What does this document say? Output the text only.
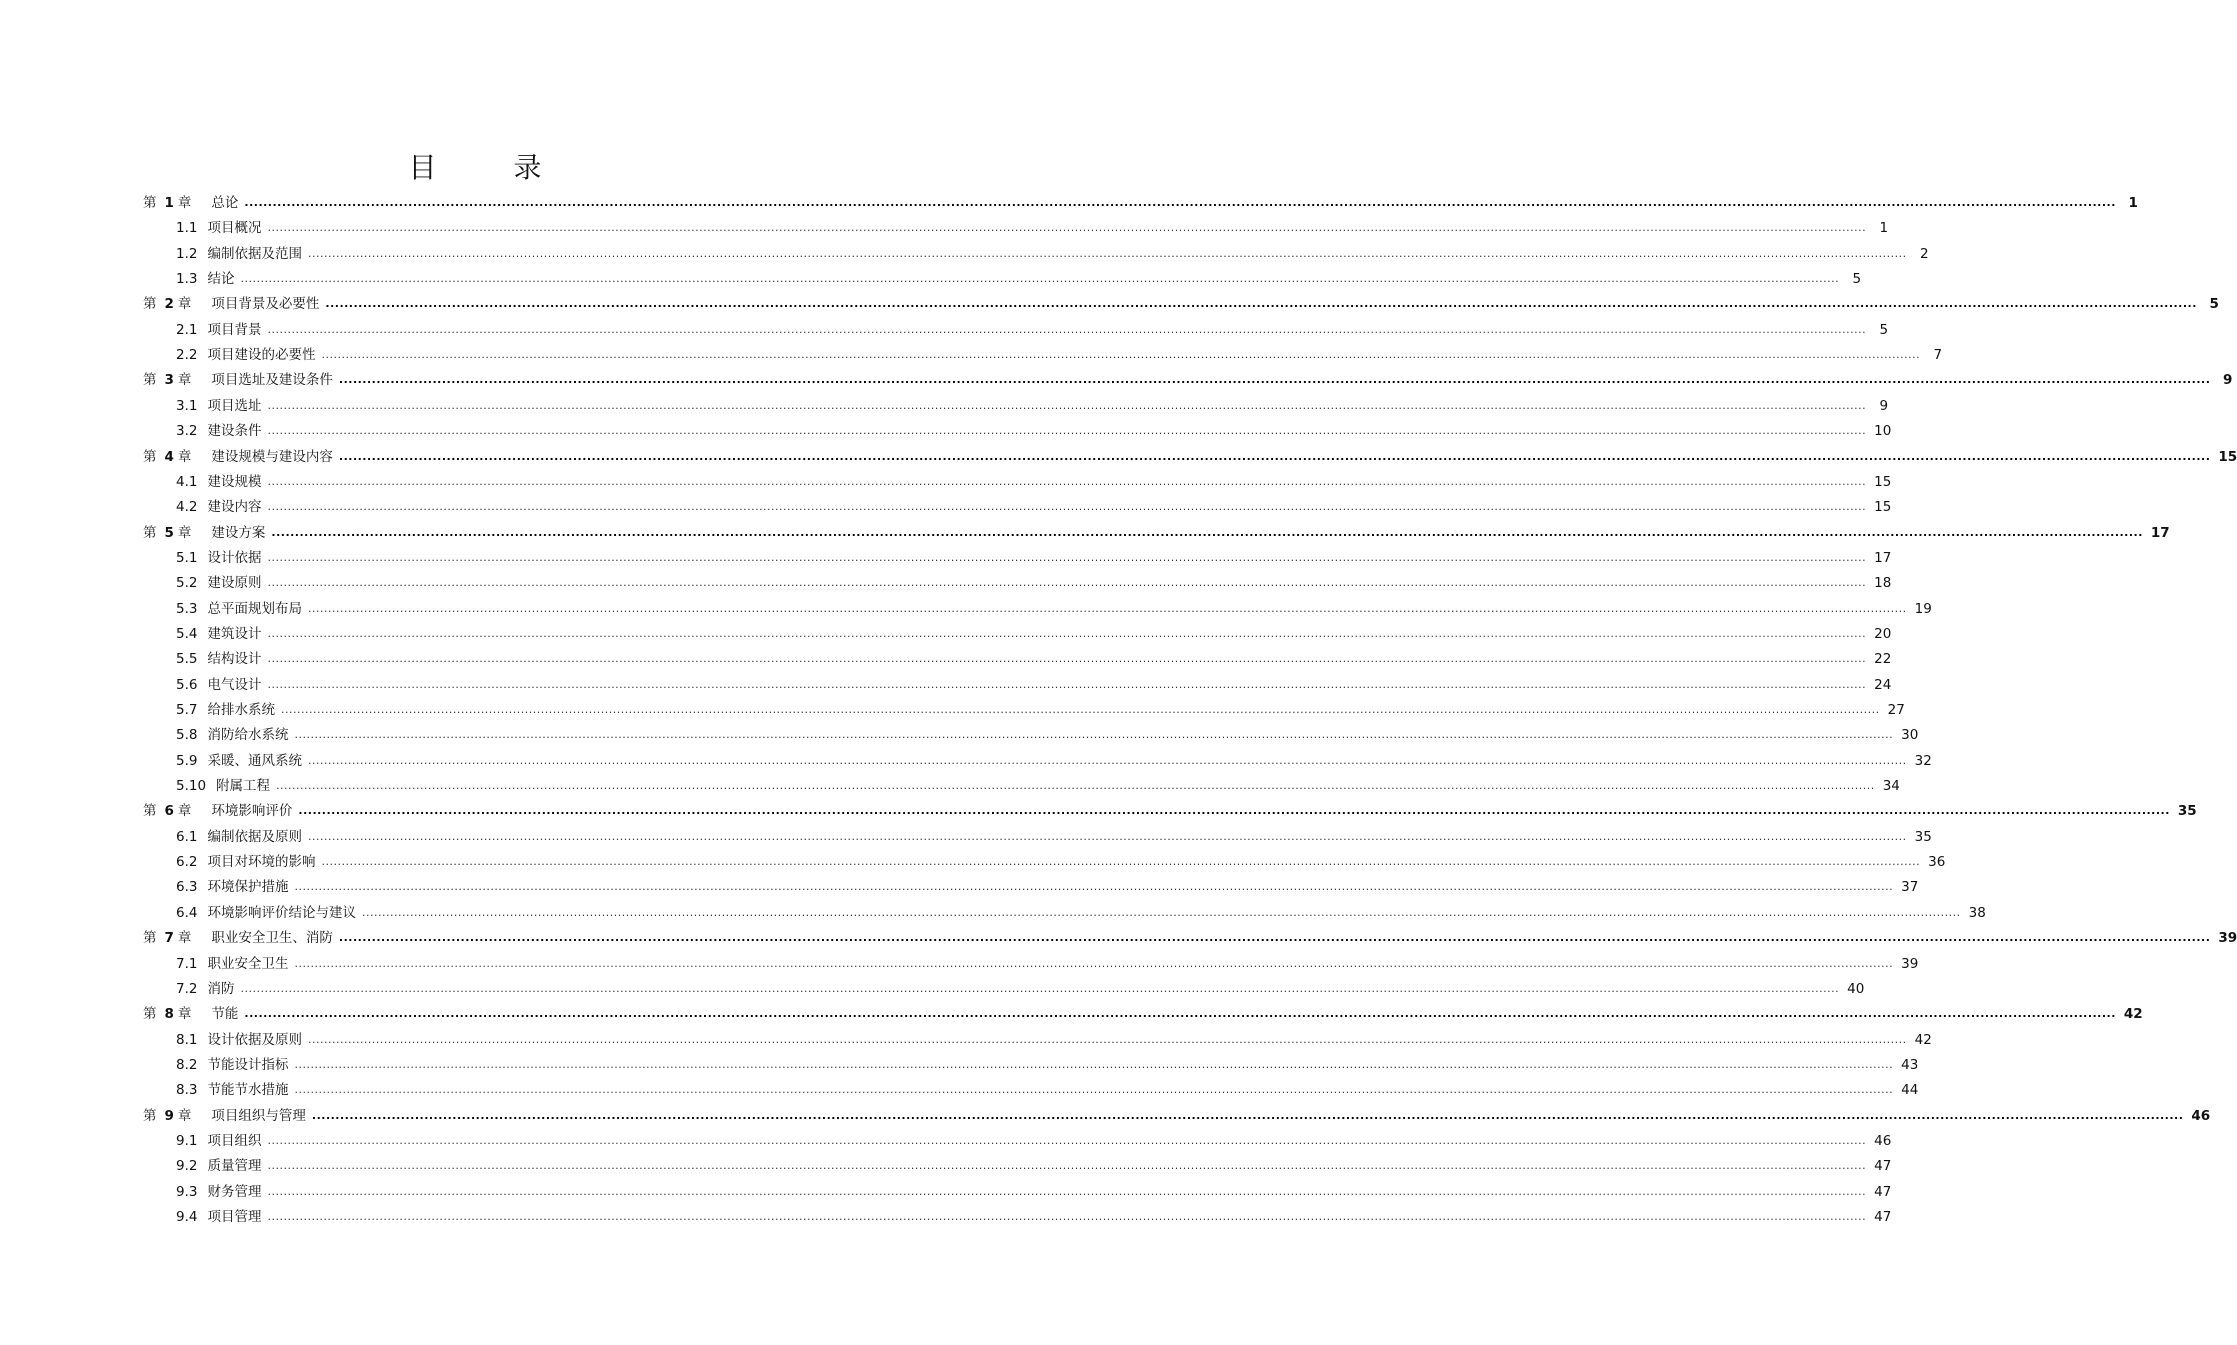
目 录
第 1 章 总论 ................................................................................................................................................................................................................................................................................................................................................................................................................ 1
1.1 项目概况 ................................................................................................................................................................................................................................................................................................................................................................................................................ 1
1.2 编制依据及范围 ................................................................................................................................................................................................................................................................................................................................................................................................................ 2
1.3 结论 ................................................................................................................................................................................................................................................................................................................................................................................................................ 5
第 2 章 项目背景及必要性 ................................................................................................................................................................................................................................................................................................................................................................................................................ 5
2.1 项目背景 ................................................................................................................................................................................................................................................................................................................................................................................................................ 5
2.2 项目建设的必要性 ................................................................................................................................................................................................................................................................................................................................................................................................................ 7
第 3 章 项目选址及建设条件 ................................................................................................................................................................................................................................................................................................................................................................................................................ 9
3.1 项目选址 ................................................................................................................................................................................................................................................................................................................................................................................................................ 9
3.2 建设条件 ................................................................................................................................................................................................................................................................................................................................................................................................................ 10
第 4 章 建设规模与建设内容 ................................................................................................................................................................................................................................................................................................................................................................................................................ 15
4.1 建设规模 ................................................................................................................................................................................................................................................................................................................................................................................................................ 15
4.2 建设内容 ................................................................................................................................................................................................................................................................................................................................................................................................................ 15
第 5 章 建设方案 ................................................................................................................................................................................................................................................................................................................................................................................................................ 17
5.1 设计依据 ................................................................................................................................................................................................................................................................................................................................................................................................................ 17
5.2 建设原则 ................................................................................................................................................................................................................................................................................................................................................................................................................ 18
5.3 总平面规划布局 ................................................................................................................................................................................................................................................................................................................................................................................................................ 19
5.4 建筑设计 ................................................................................................................................................................................................................................................................................................................................................................................................................ 20
5.5 结构设计 ................................................................................................................................................................................................................................................................................................................................................................................................................ 22
5.6 电气设计 ................................................................................................................................................................................................................................................................................................................................................................................................................ 24
5.7 给排水系统 ................................................................................................................................................................................................................................................................................................................................................................................................................ 27
5.8 消防给水系统 ................................................................................................................................................................................................................................................................................................................................................................................................................ 30
5.9 采暖、通风系统 ................................................................................................................................................................................................................................................................................................................................................................................................................ 32
5.10 附属工程 ................................................................................................................................................................................................................................................................................................................................................................................................................ 34
第 6 章 环境影响评价 ................................................................................................................................................................................................................................................................................................................................................................................................................ 35
6.1 编制依据及原则 ................................................................................................................................................................................................................................................................................................................................................................................................................ 35
6.2 项目对环境的影响 ................................................................................................................................................................................................................................................................................................................................................................................................................ 36
6.3 环境保护措施 ................................................................................................................................................................................................................................................................................................................................................................................................................ 37
6.4 环境影响评价结论与建议 ................................................................................................................................................................................................................................................................................................................................................................................................................ 38
第 7 章 职业安全卫生、消防 ................................................................................................................................................................................................................................................................................................................................................................................................................ 39
7.1 职业安全卫生 ................................................................................................................................................................................................................................................................................................................................................................................................................ 39
7.2 消防 ................................................................................................................................................................................................................................................................................................................................................................................................................ 40
第 8 章 节能 ................................................................................................................................................................................................................................................................................................................................................................................................................ 42
8.1 设计依据及原则 ................................................................................................................................................................................................................................................................................................................................................................................................................ 42
8.2 节能设计指标 ................................................................................................................................................................................................................................................................................................................................................................................................................ 43
8.3 节能节水措施 ................................................................................................................................................................................................................................................................................................................................................................................................................ 44
第 9 章 项目组织与管理 ................................................................................................................................................................................................................................................................................................................................................................................................................ 46
9.1 项目组织 ................................................................................................................................................................................................................................................................................................................................................................................................................ 46
9.2 质量管理 ................................................................................................................................................................................................................................................................................................................................................................................................................ 47
9.3 财务管理 ................................................................................................................................................................................................................................................................................................................................................................................................................ 47
9.4 项目管理 ................................................................................................................................................................................................................................................................................................................................................................................................................ 47
